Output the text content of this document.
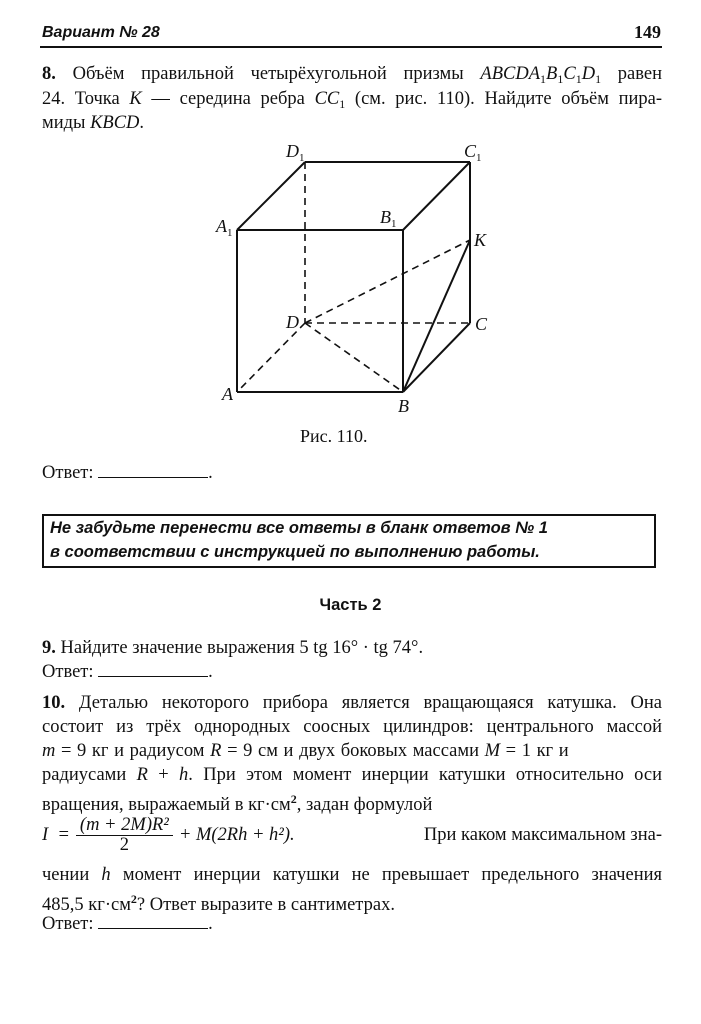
Вариант № 28	149
8. Объём правильной четырёхугольной призмы $ABCDA_1B_1C_1D_1$ равен
24. Точка K — середина ребра $CC_1$ (см. рис. 110). Найдите объём пира-
миды KBCD.
$D_1$	$C_1$
$A_1$
$B_1$
K
D	C
A
B
Рис. 110.
Ответ:	.
Не забудьте перенести все ответы в бланк ответов № 1
в соответствии с инструкцией по выполнению работы.
Часть 2
9. Найдите значение выражения 5 tg 16° · tg 74°.
Ответ:	.
10. Деталью некоторого прибора является вращающаяся катушка. Она
состоит из трёх однородных соосных цилиндров: центрального массой
m = 9 кг и радиусом R = 9 см и двух боковых массами M = 1 кг и
радиусами R + h. При этом момент инерции катушки относительно оси
вращения, выражаемый в $кг\cdot см^2$, задан формулой
$I = \frac{\text{(m + 2M)R²}}{2} + M(2Rh + h^2)$.	При каком максимальном зна-
чении h момент инерции катушки не превышает предельного значения
485,5 $кг\cdot см^2$? Ответ выразите в сантиметрах.
Ответ:	.
